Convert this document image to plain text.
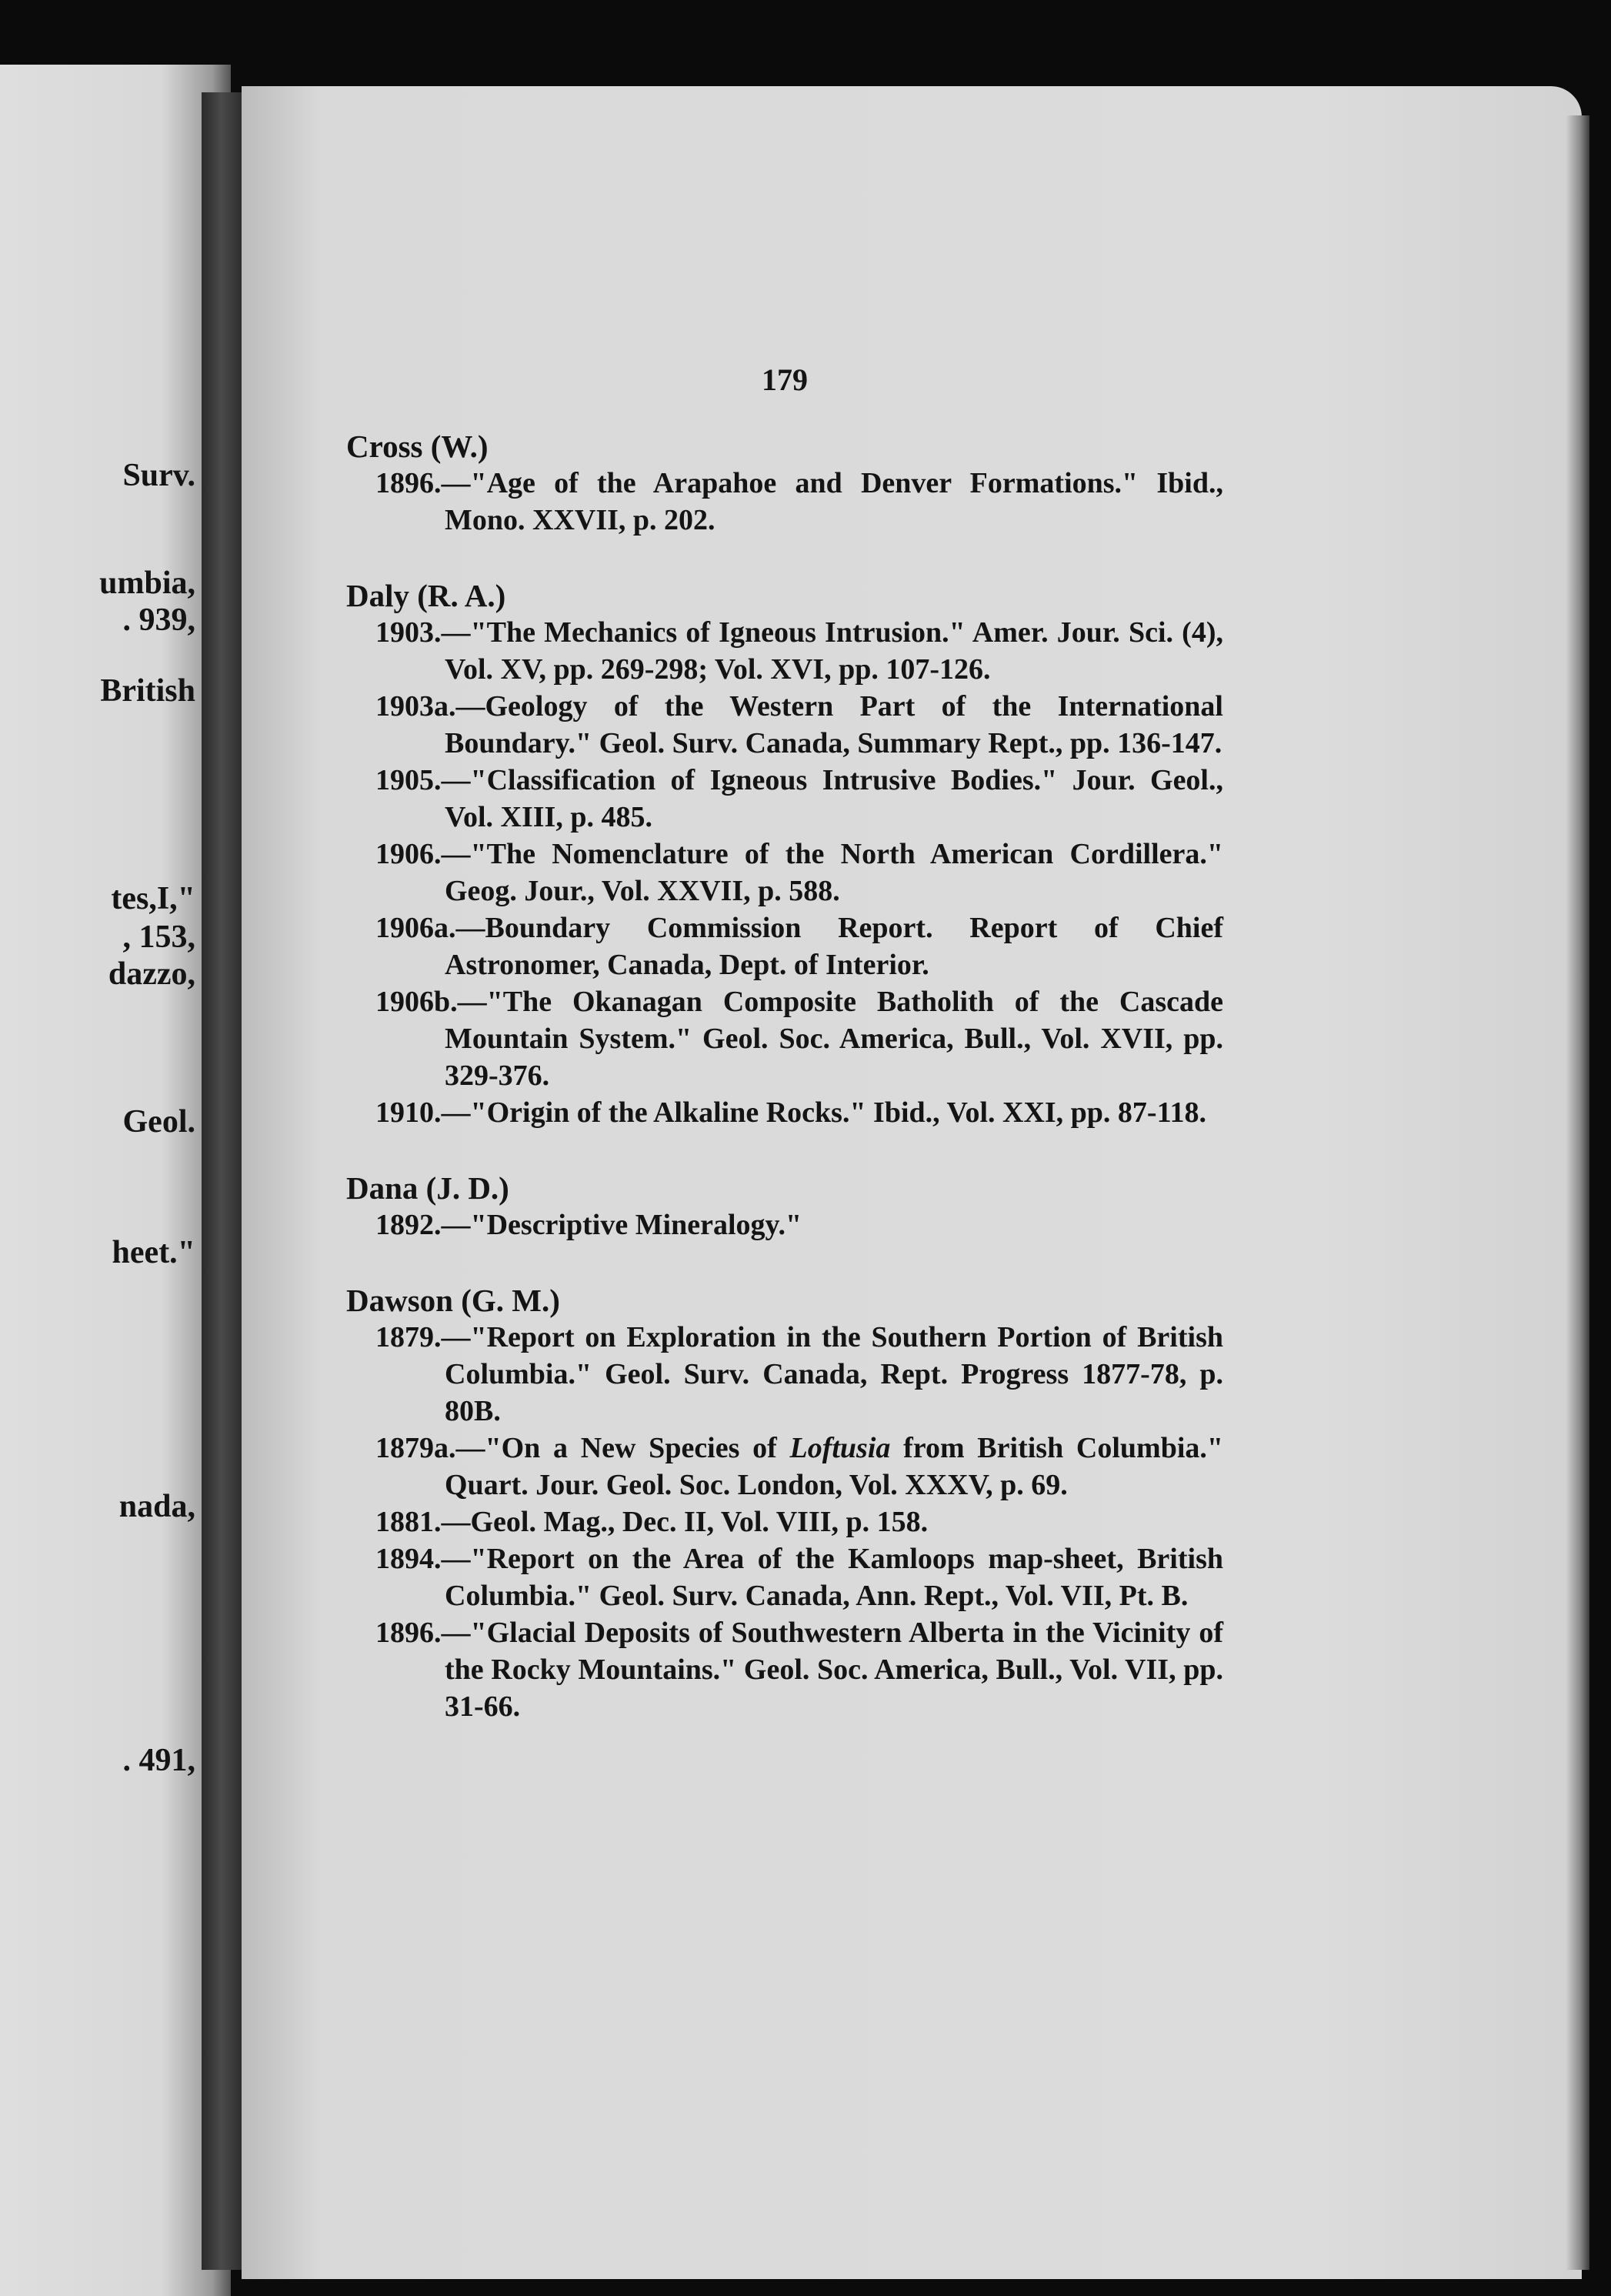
Surv.

umbia,

. 939,

British

tes,I,"

, 153,

dazzo,

Geol.

heet."

nada,

. 491,

179

Cross (W.)

1896.—"Age of the Arapahoe and Denver Formations." Ibid., Mono. XXVII, p. 202.

Daly (R. A.)

1903.—"The Mechanics of Igneous Intrusion." Amer. Jour. Sci. (4), Vol. XV, pp. 269-298; Vol. XVI, pp. 107-126.

1903a.—Geology of the Western Part of the International Boundary." Geol. Surv. Canada, Summary Rept., pp. 136-147.

1905.—"Classification of Igneous Intrusive Bodies." Jour. Geol., Vol. XIII, p. 485.

1906.—"The Nomenclature of the North American Cordillera." Geog. Jour., Vol. XXVII, p. 588.

1906a.—Boundary Commission Report. Report of Chief Astronomer, Canada, Dept. of Interior.

1906b.—"The Okanagan Composite Batholith of the Cascade Mountain System." Geol. Soc. America, Bull., Vol. XVII, pp. 329-376.

1910.—"Origin of the Alkaline Rocks." Ibid., Vol. XXI, pp. 87-118.

Dana (J. D.)

1892.—"Descriptive Mineralogy."

Dawson (G. M.)

1879.—"Report on Exploration in the Southern Portion of British Columbia." Geol. Surv. Canada, Rept. Progress 1877-78, p. 80B.

1879a.—"On a New Species of Loftusia from British Columbia." Quart. Jour. Geol. Soc. London, Vol. XXXV, p. 69.

1881.—Geol. Mag., Dec. II, Vol. VIII, p. 158.

1894.—"Report on the Area of the Kamloops map-sheet, British Columbia." Geol. Surv. Canada, Ann. Rept., Vol. VII, Pt. B.

1896.—"Glacial Deposits of Southwestern Alberta in the Vicinity of the Rocky Mountains." Geol. Soc. America, Bull., Vol. VII, pp. 31-66.
